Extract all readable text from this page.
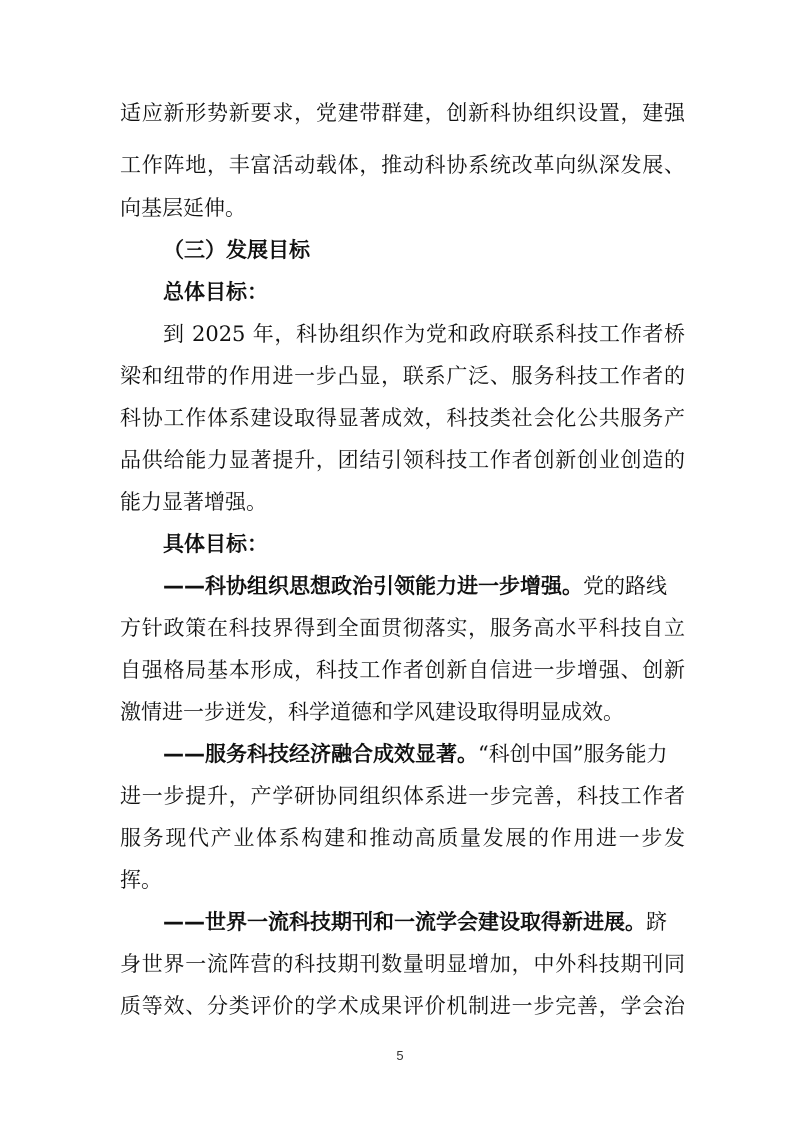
适应新形势新要求，党建带群建，创新科协组织设置，建强
工作阵地，丰富活动载体，推动科协系统改革向纵深发展、
向基层延伸。
（三）发展目标
总体目标：
到 2025 年，科协组织作为党和政府联系科技工作者桥
梁和纽带的作用进一步凸显，联系广泛、服务科技工作者的
科协工作体系建设取得显著成效，科技类社会化公共服务产
品供给能力显著提升，团结引领科技工作者创新创业创造的
能力显著增强。
具体目标：
——科协组织思想政治引领能力进一步增强。党的路线
方针政策在科技界得到全面贯彻落实，服务高水平科技自立
自强格局基本形成，科技工作者创新自信进一步增强、创新
激情进一步迸发，科学道德和学风建设取得明显成效。
——服务科技经济融合成效显著。“科创中国”服务能力
进一步提升，产学研协同组织体系进一步完善，科技工作者
服务现代产业体系构建和推动高质量发展的作用进一步发
挥。
——世界一流科技期刊和一流学会建设取得新进展。跻
身世界一流阵营的科技期刊数量明显增加，中外科技期刊同
质等效、分类评价的学术成果评价机制进一步完善，学会治
5
